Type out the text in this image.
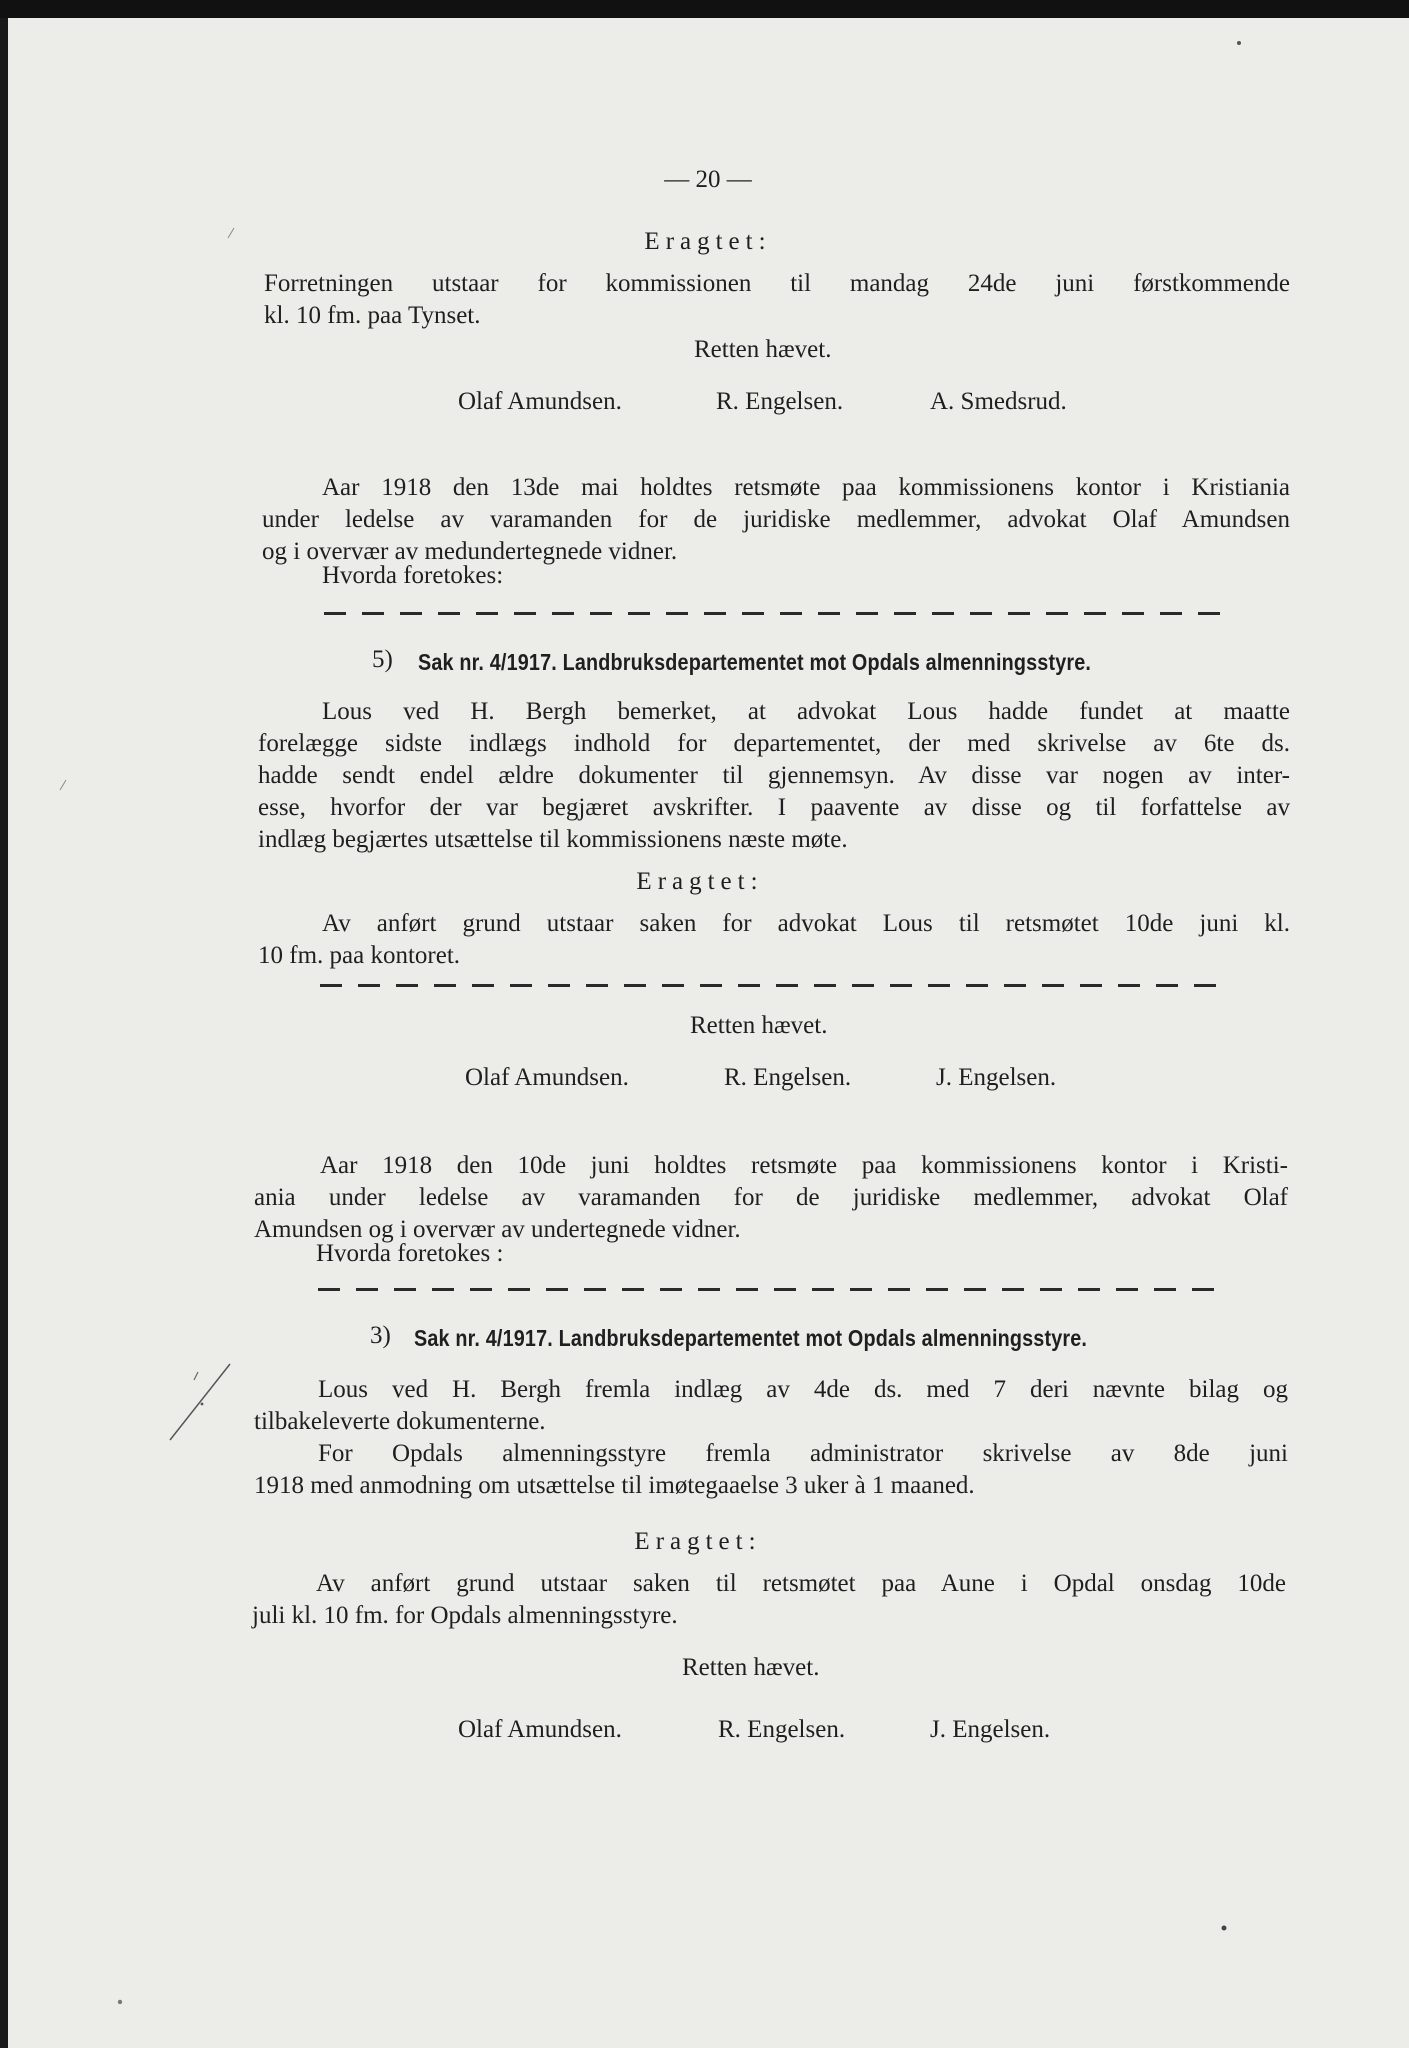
— 20 —
Eragtet:
Forretningen utstaar for kommissionen til mandag 24de juni førstkommende
kl. 10 fm. paa Tynset.
Retten hævet.
Olaf Amundsen.	R. Engelsen.	A. Smedsrud.
Aar 1918 den 13de mai holdtes retsmøte paa kommissionens kontor i Kristiania
under ledelse av varamanden for de juridiske medlemmer, advokat Olaf Amundsen
og i overvær av medundertegnede vidner.
Hvorda foretokes:
5) Sak nr. 4/1917. Landbruksdepartementet mot Opdals almenningsstyre.
Lous ved H. Bergh bemerket, at advokat Lous hadde fundet at maatte
forelægge sidste indlægs indhold for departementet, der med skrivelse av 6te ds.
hadde sendt endel ældre dokumenter til gjennemsyn. Av disse var nogen av inter-
esse, hvorfor der var begjæret avskrifter. I paavente av disse og til forfattelse av
indlæg begjærtes utsættelse til kommissionens næste møte.
Eragtet:
Av anført grund utstaar saken for advokat Lous til retsmøtet 10de juni kl.
10 fm. paa kontoret.
Retten hævet.
Olaf Amundsen.	R. Engelsen.	J. Engelsen.
Aar 1918 den 10de juni holdtes retsmøte paa kommissionens kontor i Kristi-
ania under ledelse av varamanden for de juridiske medlemmer, advokat Olaf
Amundsen og i overvær av undertegnede vidner.
Hvorda foretokes :
3) Sak nr. 4/1917. Landbruksdepartementet mot Opdals almenningsstyre.
Lous ved H. Bergh fremla indlæg av 4de ds. med 7 deri nævnte bilag og
tilbakeleverte dokumenterne.
For Opdals almenningsstyre fremla administrator skrivelse av 8de juni
1918 med anmodning om utsættelse til imøtegaaelse 3 uker à 1 maaned.
Eragtet:
Av anført grund utstaar saken til retsmøtet paa Aune i Opdal onsdag 10de
juli kl. 10 fm. for Opdals almenningsstyre.
Retten hævet.
Olaf Amundsen.	R. Engelsen.	J. Engelsen.
